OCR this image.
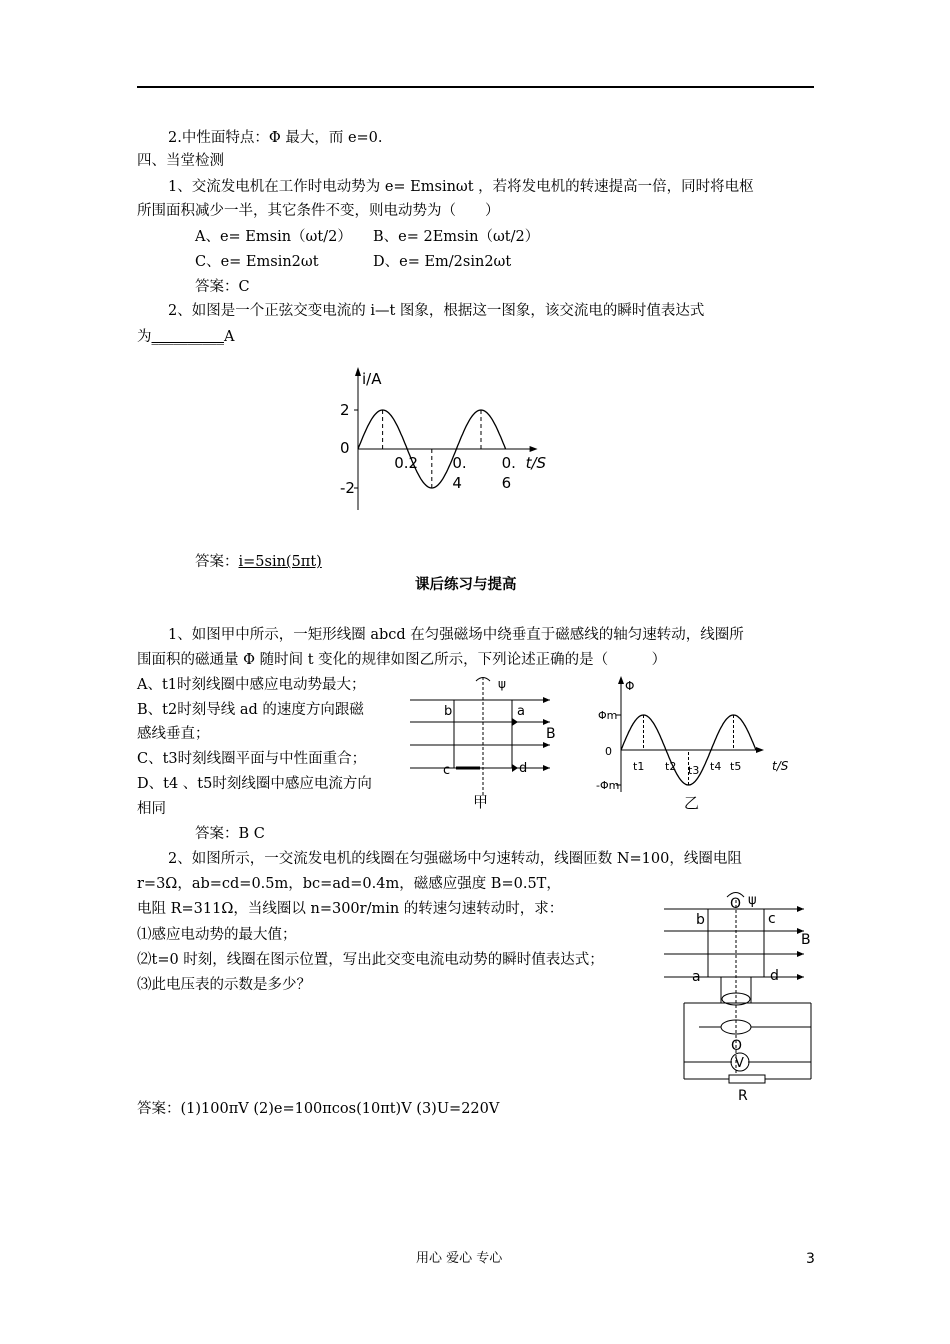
2.中性面特点：Φ 最大，而 e=0.
四、当堂检测
1、交流发电机在工作时电动势为 e= Emsinωt ，若将发电机的转速提高一倍，同时将电枢
所围面积减少一半，其它条件不变，则电动势为（　　）
A、e= Emsin（ωt/2） B、e= 2Emsin（ωt/2）
C、e= Emsin2ωt	D、e= Em/2sin2ωt
答案：C
2、如图是一个正弦交变电流的 i—t 图象，根据这一图象，该交流电的瞬时值表达式
为__________A
i/A
t/S
2
0
-2
0.2 0.
4
0.
6
答案：i=5sin(5πt)
课后练习与提高
1、如图甲中所示，一矩形线圈 abcd 在匀强磁场中绕垂直于磁感线的轴匀速转动，线圈所
围面积的磁通量 Φ 随时间 t 变化的规律如图乙所示，下列论述正确的是（　　　）
A、t1时刻线圈中感应电动势最大；
B、t2时刻导线 ad 的速度方向跟磁
感线垂直；
C、t3时刻线圈平面与中性面重合；
D、t4 、t5时刻线圈中感应电流方向
相同
答案：B C
b	a
B
c	d
ψ
甲
Φ
Φm
0
-Φm
t1 t2 t3 t4 t5	t/S
乙
2、如图所示，一交流发电机的线圈在匀强磁场中匀速转动，线圈匝数 N=100，线圈电阻
r=3Ω，ab=cd=0.5m，bc=ad=0.4m，磁感应强度 B=0.5T，
电阻 R=311Ω，当线圈以 n=300r/min 的转速匀速转动时，求：
⑴感应电动势的最大值；
⑵t=0 时刻，线圈在图示位置，写出此交变电流电动势的瞬时值表达式；
⑶此电压表的示数是多少？
O ψ
b	c
B
a	d
O
V
R
答案：(1)100πV (2)e=100πcos(10πt)V (3)U=220V
用心 爱心 专心	3
